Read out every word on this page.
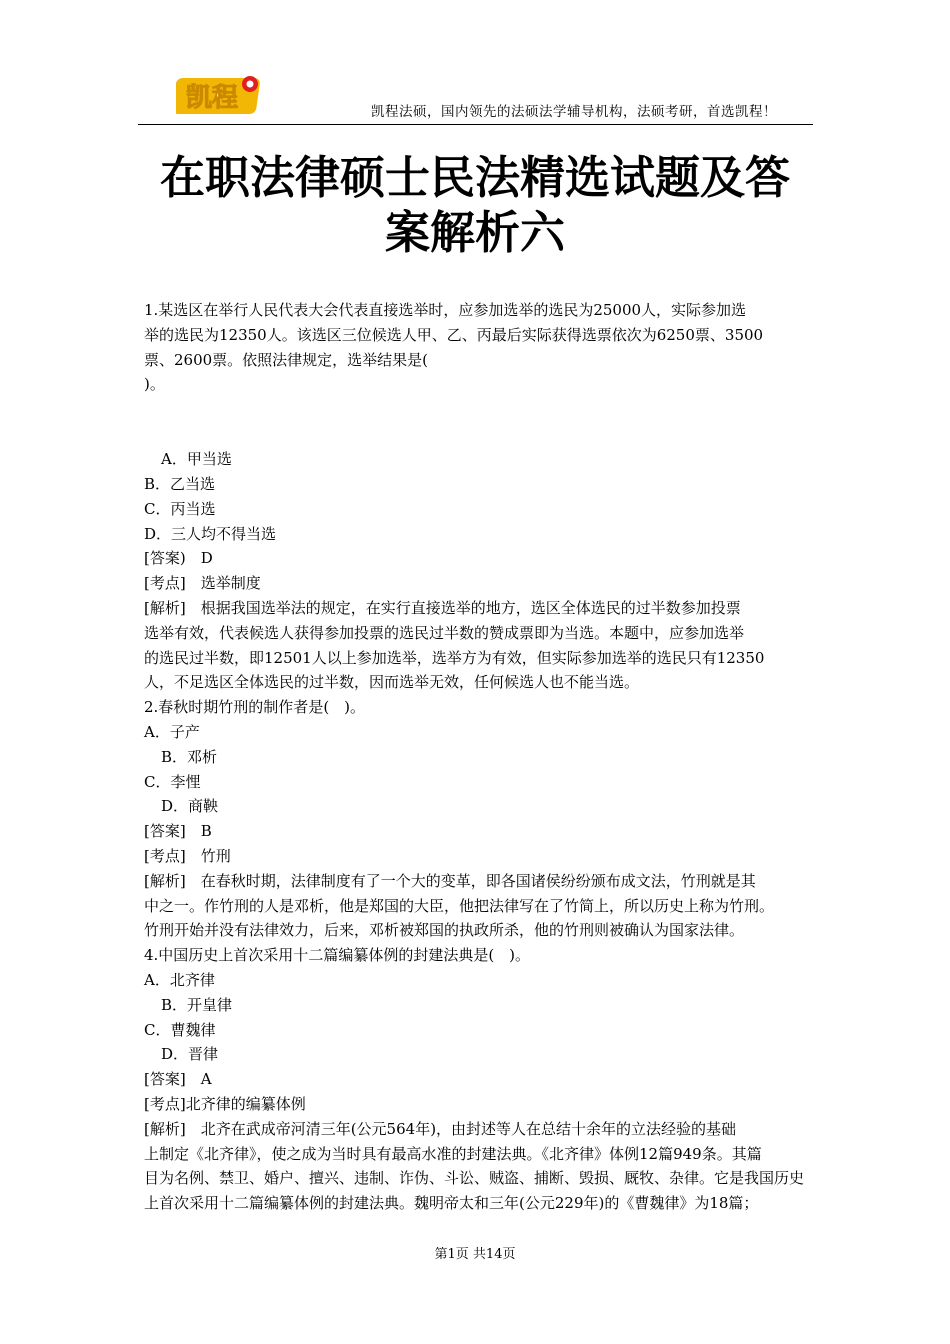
凯程	凯程法硕，国内领先的法硕法学辅导机构，法硕考研，首选凯程！
在职法律硕士民法精选试题及答
案解析六

1.某选区在举行人民代表大会代表直接选举时，应参加选举的选民为25000人，实际参加选

举的选民为12350人。该选区三位候选人甲、乙、丙最后实际获得选票依次为6250票、3500

票、2600票。依照法律规定，选举结果是(

)。

A．甲当选

B．乙当选

C．丙当选

D．三人均不得当选

[答案)　D

[考点]　选举制度

[解析]　根据我国选举法的规定，在实行直接选举的地方，选区全体选民的过半数参加投票

选举有效，代表候选人获得参加投票的选民过半数的赞成票即为当选。本题中，应参加选举

的选民过半数，即12501人以上参加选举，选举方为有效，但实际参加选举的选民只有12350

人，不足选区全体选民的过半数，因而选举无效，任何候选人也不能当选。

2.春秋时期竹刑的制作者是(　)。

A．子产

B．邓析

C．李悝

D．商鞅

[答案]　B

[考点]　竹刑

[解析]　在春秋时期，法律制度有了一个大的变革，即各国诸侯纷纷颁布成文法，竹刑就是其

中之一。作竹刑的人是邓析，他是郑国的大臣，他把法律写在了竹简上，所以历史上称为竹刑。

竹刑开始并没有法律效力，后来，邓析被郑国的执政所杀，他的竹刑则被确认为国家法律。

4.中国历史上首次采用十二篇编纂体例的封建法典是(　)。

A．北齐律

B．开皇律

C．曹魏律

D．晋律

[答案]　A

[考点]北齐律的编纂体例

[解析]　北齐在武成帝河清三年(公元564年)，由封述等人在总结十余年的立法经验的基础

上制定《北齐律》，使之成为当时具有最高水准的封建法典。《北齐律》体例12篇949条。其篇

目为名例、禁卫、婚户、擅兴、违制、诈伪、斗讼、贼盗、捕断、毁损、厩牧、杂律。它是我国历史

上首次采用十二篇编纂体例的封建法典。魏明帝太和三年(公元229年)的《曹魏律》为18篇；

第1页 共14页
